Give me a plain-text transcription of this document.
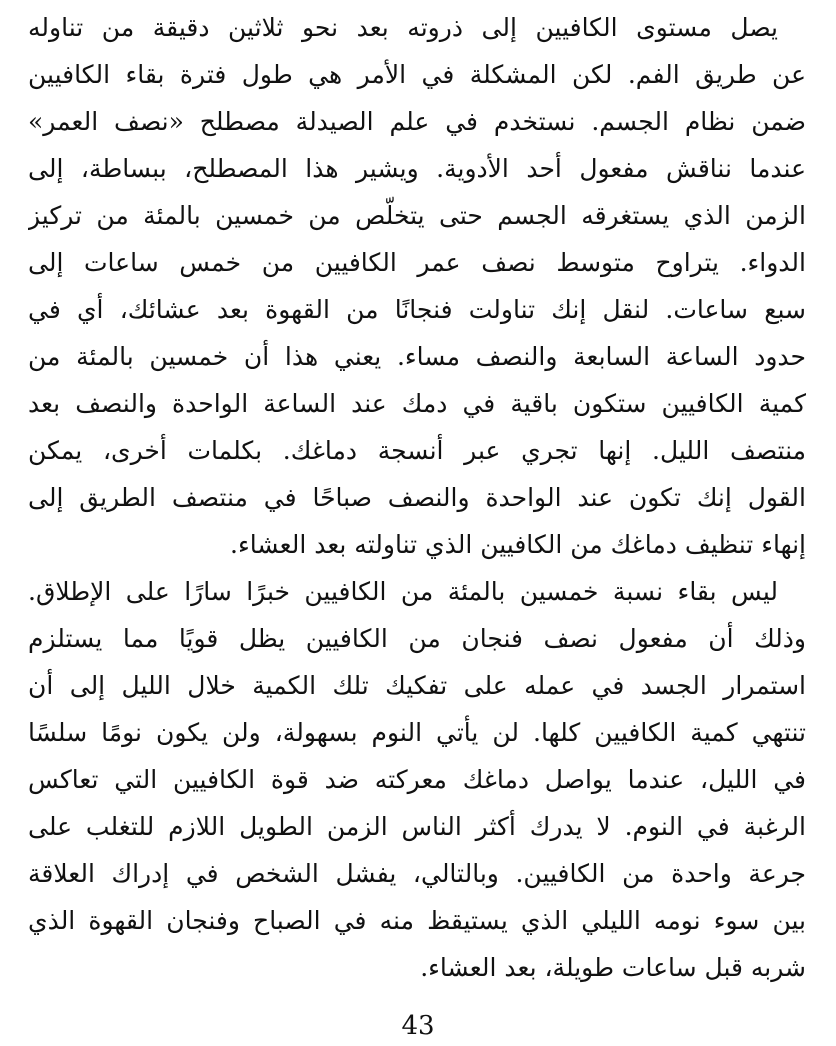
يصل مستوى الكافيين إلى ذروته بعد نحو ثلاثين دقيقة من تناوله

عن طريق الفم. لكن المشكلة في الأمر هي طول فترة بقاء الكافيين

ضمن نظام الجسم. نستخدم في علم الصيدلة مصطلح «نصف العمر»

عندما نناقش مفعول أحد الأدوية. ويشير هذا المصطلح، ببساطة، إلى

الزمن الذي يستغرقه الجسم حتى يتخلّص من خمسين بالمئة من تركيز

الدواء. يتراوح متوسط نصف عمر الكافيين من خمس ساعات إلى

سبع ساعات. لنقل إنك تناولت فنجانًا من القهوة بعد عشائك، أي في

حدود الساعة السابعة والنصف مساء. يعني هذا أن خمسين بالمئة من

كمية الكافيين ستكون باقية في دمك عند الساعة الواحدة والنصف بعد

منتصف الليل. إنها تجري عبر أنسجة دماغك. بكلمات أخرى، يمكن

القول إنك تكون عند الواحدة والنصف صباحًا في منتصف الطريق إلى

إنهاء تنظيف دماغك من الكافيين الذي تناولته بعد العشاء.

ليس بقاء نسبة خمسين بالمئة من الكافيين خبرًا سارًا على الإطلاق.

وذلك أن مفعول نصف فنجان من الكافيين يظل قويًا مما يستلزم

استمرار الجسد في عمله على تفكيك تلك الكمية خلال الليل إلى أن

تنتهي كمية الكافيين كلها. لن يأتي النوم بسهولة، ولن يكون نومًا سلسًا

في الليل، عندما يواصل دماغك معركته ضد قوة الكافيين التي تعاكس

الرغبة في النوم. لا يدرك أكثر الناس الزمن الطويل اللازم للتغلب على

جرعة واحدة من الكافيين. وبالتالي، يفشل الشخص في إدراك العلاقة

بين سوء نومه الليلي الذي يستيقظ منه في الصباح وفنجان القهوة الذي

شربه قبل ساعات طويلة، بعد العشاء.

43
